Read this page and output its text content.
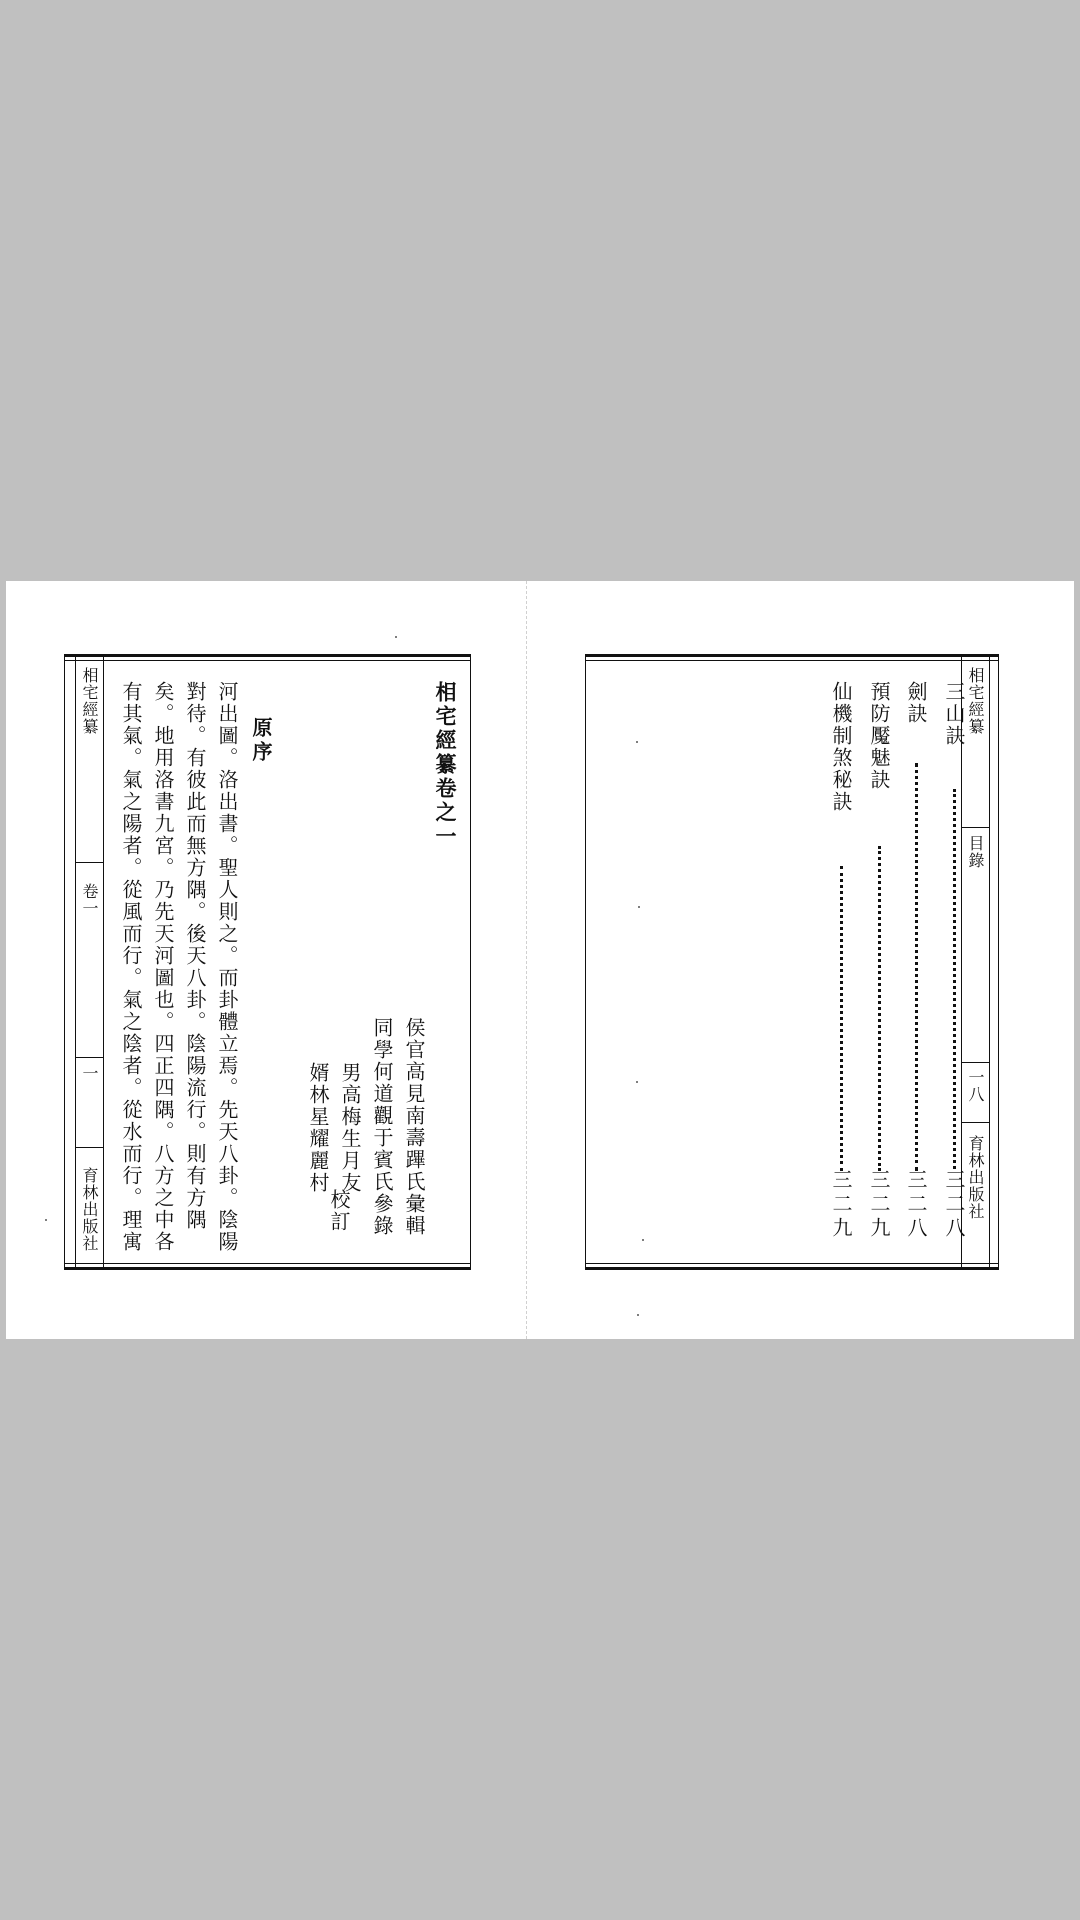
相宅經纂卷之一
侯官高見南壽蹕氏彙輯
同學何道觀于賓氏參錄
男高梅生月友
婿林星耀麗村
校訂
原序
河出圖。洛出書。聖人則之。而卦體立焉。先天八卦。陰陽
對待。有彼此而無方隅。後天八卦。陰陽流行。則有方隅
矣。地用洛書九宮。乃先天河圖也。四正四隅。八方之中各
有其氣。氣之陽者。從風而行。氣之陰者。從水而行。理寓
相宅經纂
卷一
一
育林出版社
三山訣
三二八
劍訣
三二八
預防魘魅訣
三二九
仙機制煞秘訣
三二九
相宅經纂
目錄
一八
育林出版社
